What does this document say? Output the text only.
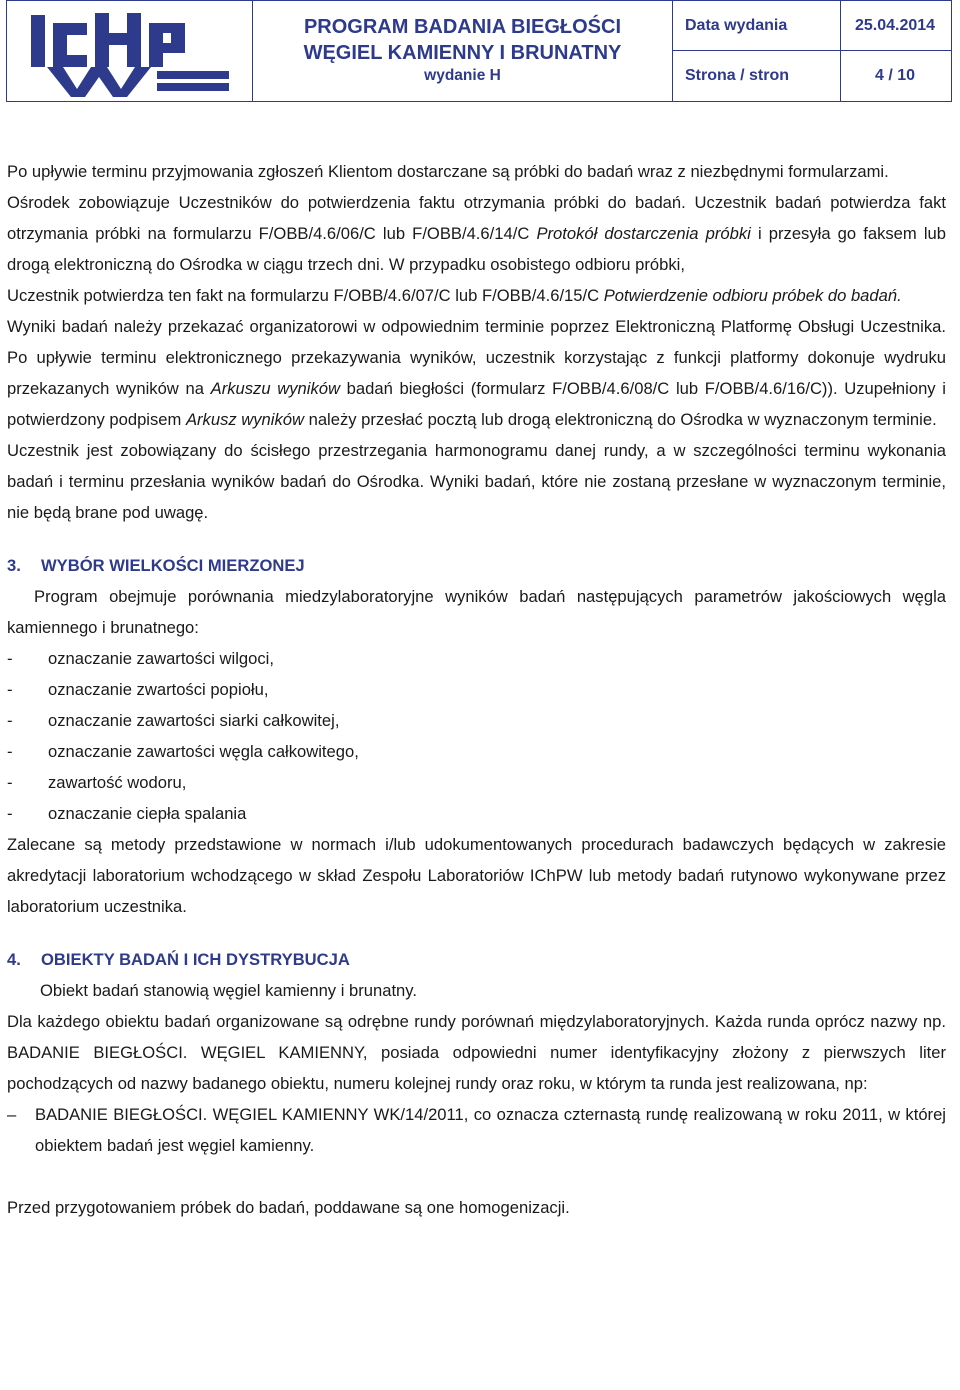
PROGRAM BADANIA BIEGŁOŚCI
WĘGIEL KAMIENNY I BRUNATNY
wydanie H
Data wydania	25.04.2014
Strona / stron	4 / 10

Po upływie terminu przyjmowania zgłoszeń Klientom dostarczane są próbki do badań wraz z niezbędnymi formularzami.

Ośrodek zobowiązuje Uczestników do potwierdzenia faktu otrzymania próbki do badań. Uczestnik badań potwierdza fakt otrzymania próbki na formularzu F/OBB/4.6/06/C lub F/OBB/4.6/14/C Protokół dostarczenia próbki i przesyła go faksem lub drogą elektroniczną do Ośrodka w ciągu trzech dni. W przypadku osobistego odbioru próbki,

Uczestnik potwierdza ten fakt na formularzu F/OBB/4.6/07/C lub F/OBB/4.6/15/C Potwierdzenie odbioru próbek do badań.

Wyniki badań należy przekazać organizatorowi w odpowiednim terminie poprzez Elektroniczną Platformę Obsługi Uczestnika. Po upływie terminu elektronicznego przekazywania wyników, uczestnik korzystając z funkcji platformy dokonuje wydruku przekazanych wyników na Arkuszu wyników badań biegłości (formularz F/OBB/4.6/08/C lub F/OBB/4.6/16/C)). Uzupełniony i potwierdzony podpisem Arkusz wyników należy przesłać pocztą lub drogą elektroniczną do Ośrodka w wyznaczonym terminie.

Uczestnik jest zobowiązany do ścisłego przestrzegania harmonogramu danej rundy, a w szczególności terminu wykonania badań i terminu przesłania wyników badań do Ośrodka. Wyniki badań, które nie zostaną przesłane w wyznaczonym terminie, nie będą brane pod uwagę.

3. WYBÓR WIELKOŚCI MIERZONEJ

Program obejmuje porównania miedzylaboratoryjne wyników badań następujących parametrów jakościowych węgla kamiennego i brunatnego:

-	oznaczanie zawartości wilgoci,
-	oznaczanie zwartości popiołu,
-	oznaczanie zawartości siarki całkowitej,
-	oznaczanie zawartości węgla całkowitego,
-	zawartość wodoru,
-	oznaczanie ciepła spalania

Zalecane są metody przedstawione w normach i/lub udokumentowanych procedurach badawczych będących w zakresie akredytacji laboratorium wchodzącego w skład Zespołu Laboratoriów IChPW lub metody badań rutynowo wykonywane przez laboratorium uczestnika.

4. OBIEKTY BADAŃ I ICH DYSTRYBUCJA

Obiekt badań stanowią węgiel kamienny i brunatny.

Dla każdego obiektu badań organizowane są odrębne rundy porównań międzylaboratoryjnych. Każda runda oprócz nazwy np. BADANIE BIEGŁOŚCI. WĘGIEL KAMIENNY, posiada odpowiedni numer identyfikacyjny złożony z pierwszych liter pochodzących od nazwy badanego obiektu, numeru kolejnej rundy oraz roku, w którym ta runda jest realizowana, np:

–	BADANIE BIEGŁOŚCI. WĘGIEL KAMIENNY WK/14/2011, co oznacza czternastą rundę realizowaną w roku 2011, w której obiektem badań jest węgiel kamienny.

Przed przygotowaniem próbek do badań, poddawane są one homogenizacji.
